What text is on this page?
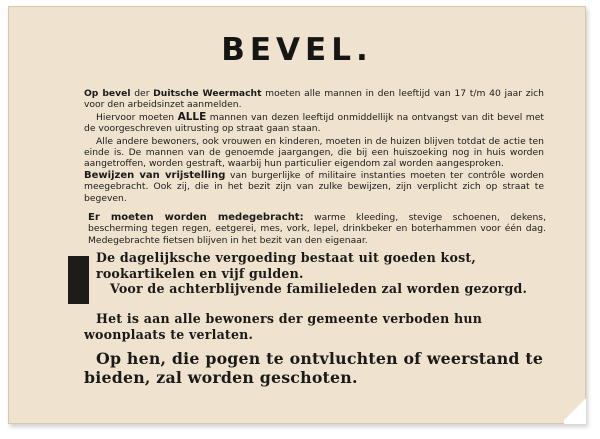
BEVEL.

Op bevel der Duitsche Weermacht moeten alle mannen in den leeftijd van 17 t/m 40 jaar zich voor den arbeidsinzet aanmelden.

Hiervoor moeten ALLE mannen van dezen leeftijd onmiddellijk na ontvangst van dit bevel met de voorgeschreven uitrusting op straat gaan staan.

Alle andere bewoners, ook vrouwen en kinderen, moeten in de huizen blijven totdat de actie ten einde is. De mannen van de genoemde jaargangen, die bij een huiszoeking nog in huis worden aangetroffen, worden gestraft, waarbij hun particulier eigendom zal worden aangesproken.

Bewijzen van vrijstelling van burgerlijke of militaire instanties moeten ter contrôle worden meegebracht. Ook zij, die in het bezit zijn van zulke bewijzen, zijn verplicht zich op straat te begeven.

Er moeten worden medegebracht: warme kleeding, stevige schoenen, dekens, bescherming tegen regen, eetgerei, mes, vork, lepel, drinkbeker en boterhammen voor één dag. Medegebrachte fietsen blijven in het bezit van den eigenaar.

De dagelijksche vergoeding bestaat uit goeden kost, rookartikelen en vijf gulden.

Voor de achterblijvende familieleden zal worden gezorgd.

Het is aan alle bewoners der gemeente verboden hun woonplaats te verlaten.

Op hen, die pogen te ontvluchten of weerstand te bieden, zal worden geschoten.
